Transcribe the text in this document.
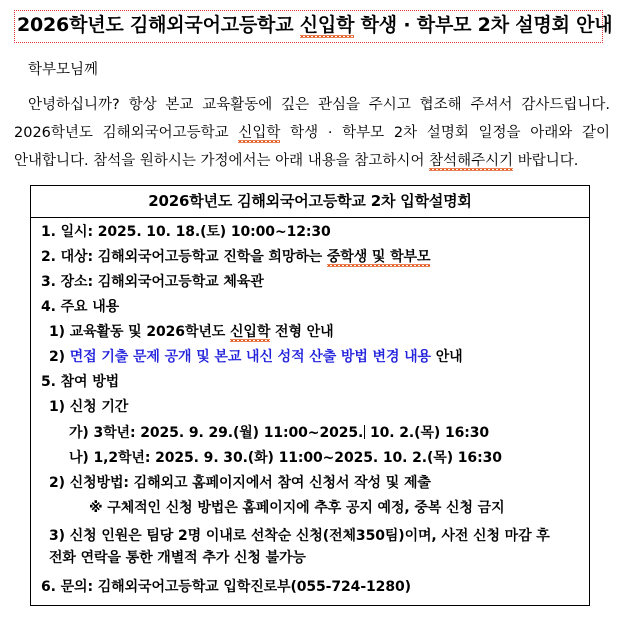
2026학년도 김해외국어고등학교 신입학 학생 · 학부모 2차 설명회 안내

학부모님께

안녕하십니까? 항상 본교 교육활동에 깊은 관심을 주시고 협조해 주셔서 감사드립니다. 2026학년도 김해외국어고등학교 신입학 학생 · 학부모 2차 설명회 일정을 아래와 같이 안내합니다. 참석을 원하시는 가정에서는 아래 내용을 참고하시어 참석해주시기 바랍니다.

2026학년도 김해외국어고등학교 2차 입학설명회

1. 일시: 2025. 10. 18.(토) 10:00~12:30

2. 대상: 김해외국어고등학교 진학을 희망하는 중학생 및 학부모

3. 장소: 김해외국어고등학교 체육관

4. 주요 내용

1) 교육활동 및 2026학년도 신입학 전형 안내

2) 면접 기출 문제 공개 및 본교 내신 성적 산출 방법 변경 내용 안내

5. 참여 방법

1) 신청 기간

가) 3학년: 2025. 9. 29.(월) 11:00~2025. 10. 2.(목) 16:30

나) 1,2학년: 2025. 9. 30.(화) 11:00~2025. 10. 2.(목) 16:30

2) 신청방법: 김해외고 홈페이지에서 참여 신청서 작성 및 제출

※ 구체적인 신청 방법은 홈페이지에 추후 공지 예정, 중복 신청 금지

3) 신청 인원은 팀당 2명 이내로 선착순 신청(전체350팀)이며, 사전 신청 마감 후 전화 연락을 통한 개별적 추가 신청 불가능

6. 문의: 김해외국어고등학교 입학진로부(055-724-1280)
